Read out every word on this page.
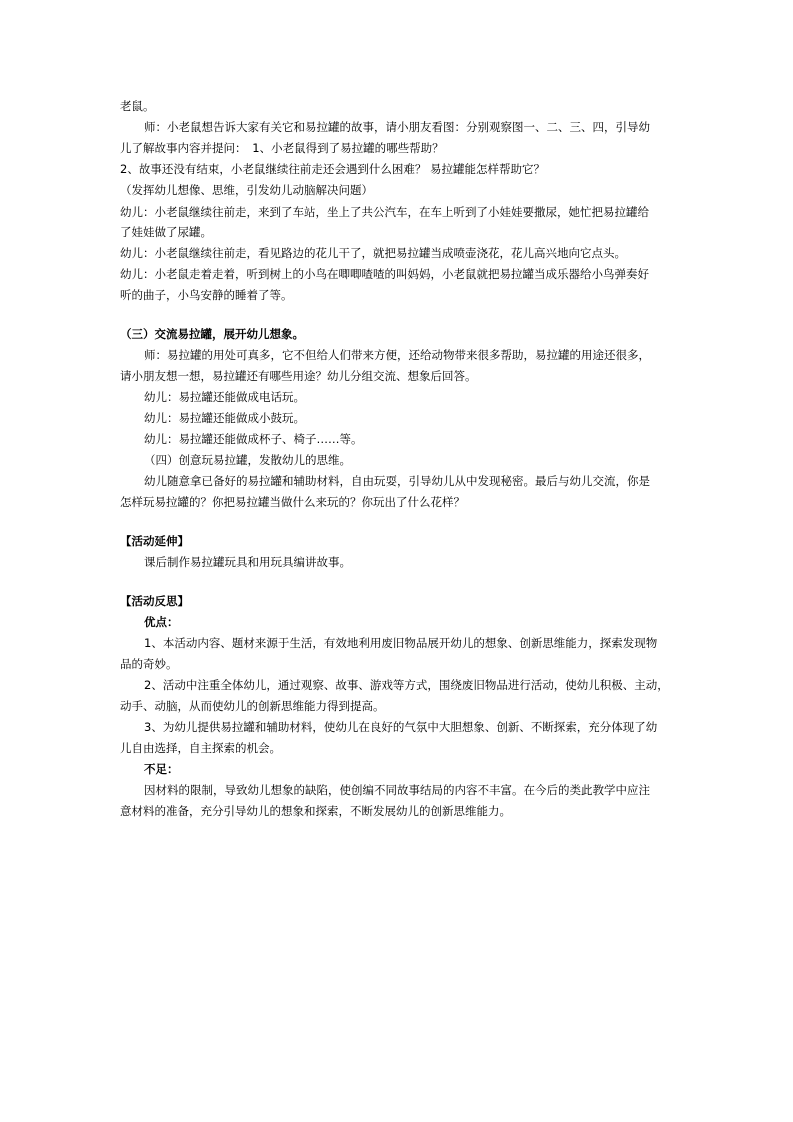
老鼠。
师：小老鼠想告诉大家有关它和易拉罐的故事，请小朋友看图：分别观察图一、二、三、四，引导幼
儿了解故事内容并提问：　1、小老鼠得到了易拉罐的哪些帮助？
2、故事还没有结束，小老鼠继续往前走还会遇到什么困难？ 易拉罐能怎样帮助它？
（发挥幼儿想像、思维，引发幼儿动脑解决问题）
幼儿：小老鼠继续往前走，来到了车站，坐上了共公汽车，在车上听到了小娃娃要撒尿，她忙把易拉罐给
了娃娃做了尿罐。
幼儿：小老鼠继续往前走，看见路边的花儿干了，就把易拉罐当成喷壶浇花，花儿高兴地向它点头。
幼儿：小老鼠走着走着，听到树上的小鸟在唧唧喳喳的叫妈妈，小老鼠就把易拉罐当成乐器给小鸟弹奏好
听的曲子，小鸟安静的睡着了等。
（三）交流易拉罐，展开幼儿想象。
师：易拉罐的用处可真多，它不但给人们带来方便，还给动物带来很多帮助，易拉罐的用途还很多，
请小朋友想一想，易拉罐还有哪些用途？幼儿分组交流、想象后回答。
幼儿：易拉罐还能做成电话玩。
幼儿：易拉罐还能做成小鼓玩。
幼儿：易拉罐还能做成杯子、椅子……等。
（四）创意玩易拉罐，发散幼儿的思维。
幼儿随意拿已备好的易拉罐和辅助材料，自由玩耍，引导幼儿从中发现秘密。最后与幼儿交流，你是
怎样玩易拉罐的？你把易拉罐当做什么来玩的？你玩出了什么花样？
【活动延伸】
课后制作易拉罐玩具和用玩具编讲故事。
【活动反思】
优点：
1、本活动内容、题材来源于生活，有效地利用废旧物品展开幼儿的想象、创新思维能力，探索发现物
品的奇妙。
2、活动中注重全体幼儿，通过观察、故事、游戏等方式，围绕废旧物品进行活动，使幼儿积极、主动，
动手、动脑，从而使幼儿的创新思维能力得到提高。
3、为幼儿提供易拉罐和辅助材料，使幼儿在良好的气氛中大胆想象、创新、不断探索，充分体现了幼
儿自由选择，自主探索的机会。
不足：
因材料的限制，导致幼儿想象的缺陷，使创编不同故事结局的内容不丰富。在今后的类此教学中应注
意材料的准备，充分引导幼儿的想象和探索，不断发展幼儿的创新思维能力。
